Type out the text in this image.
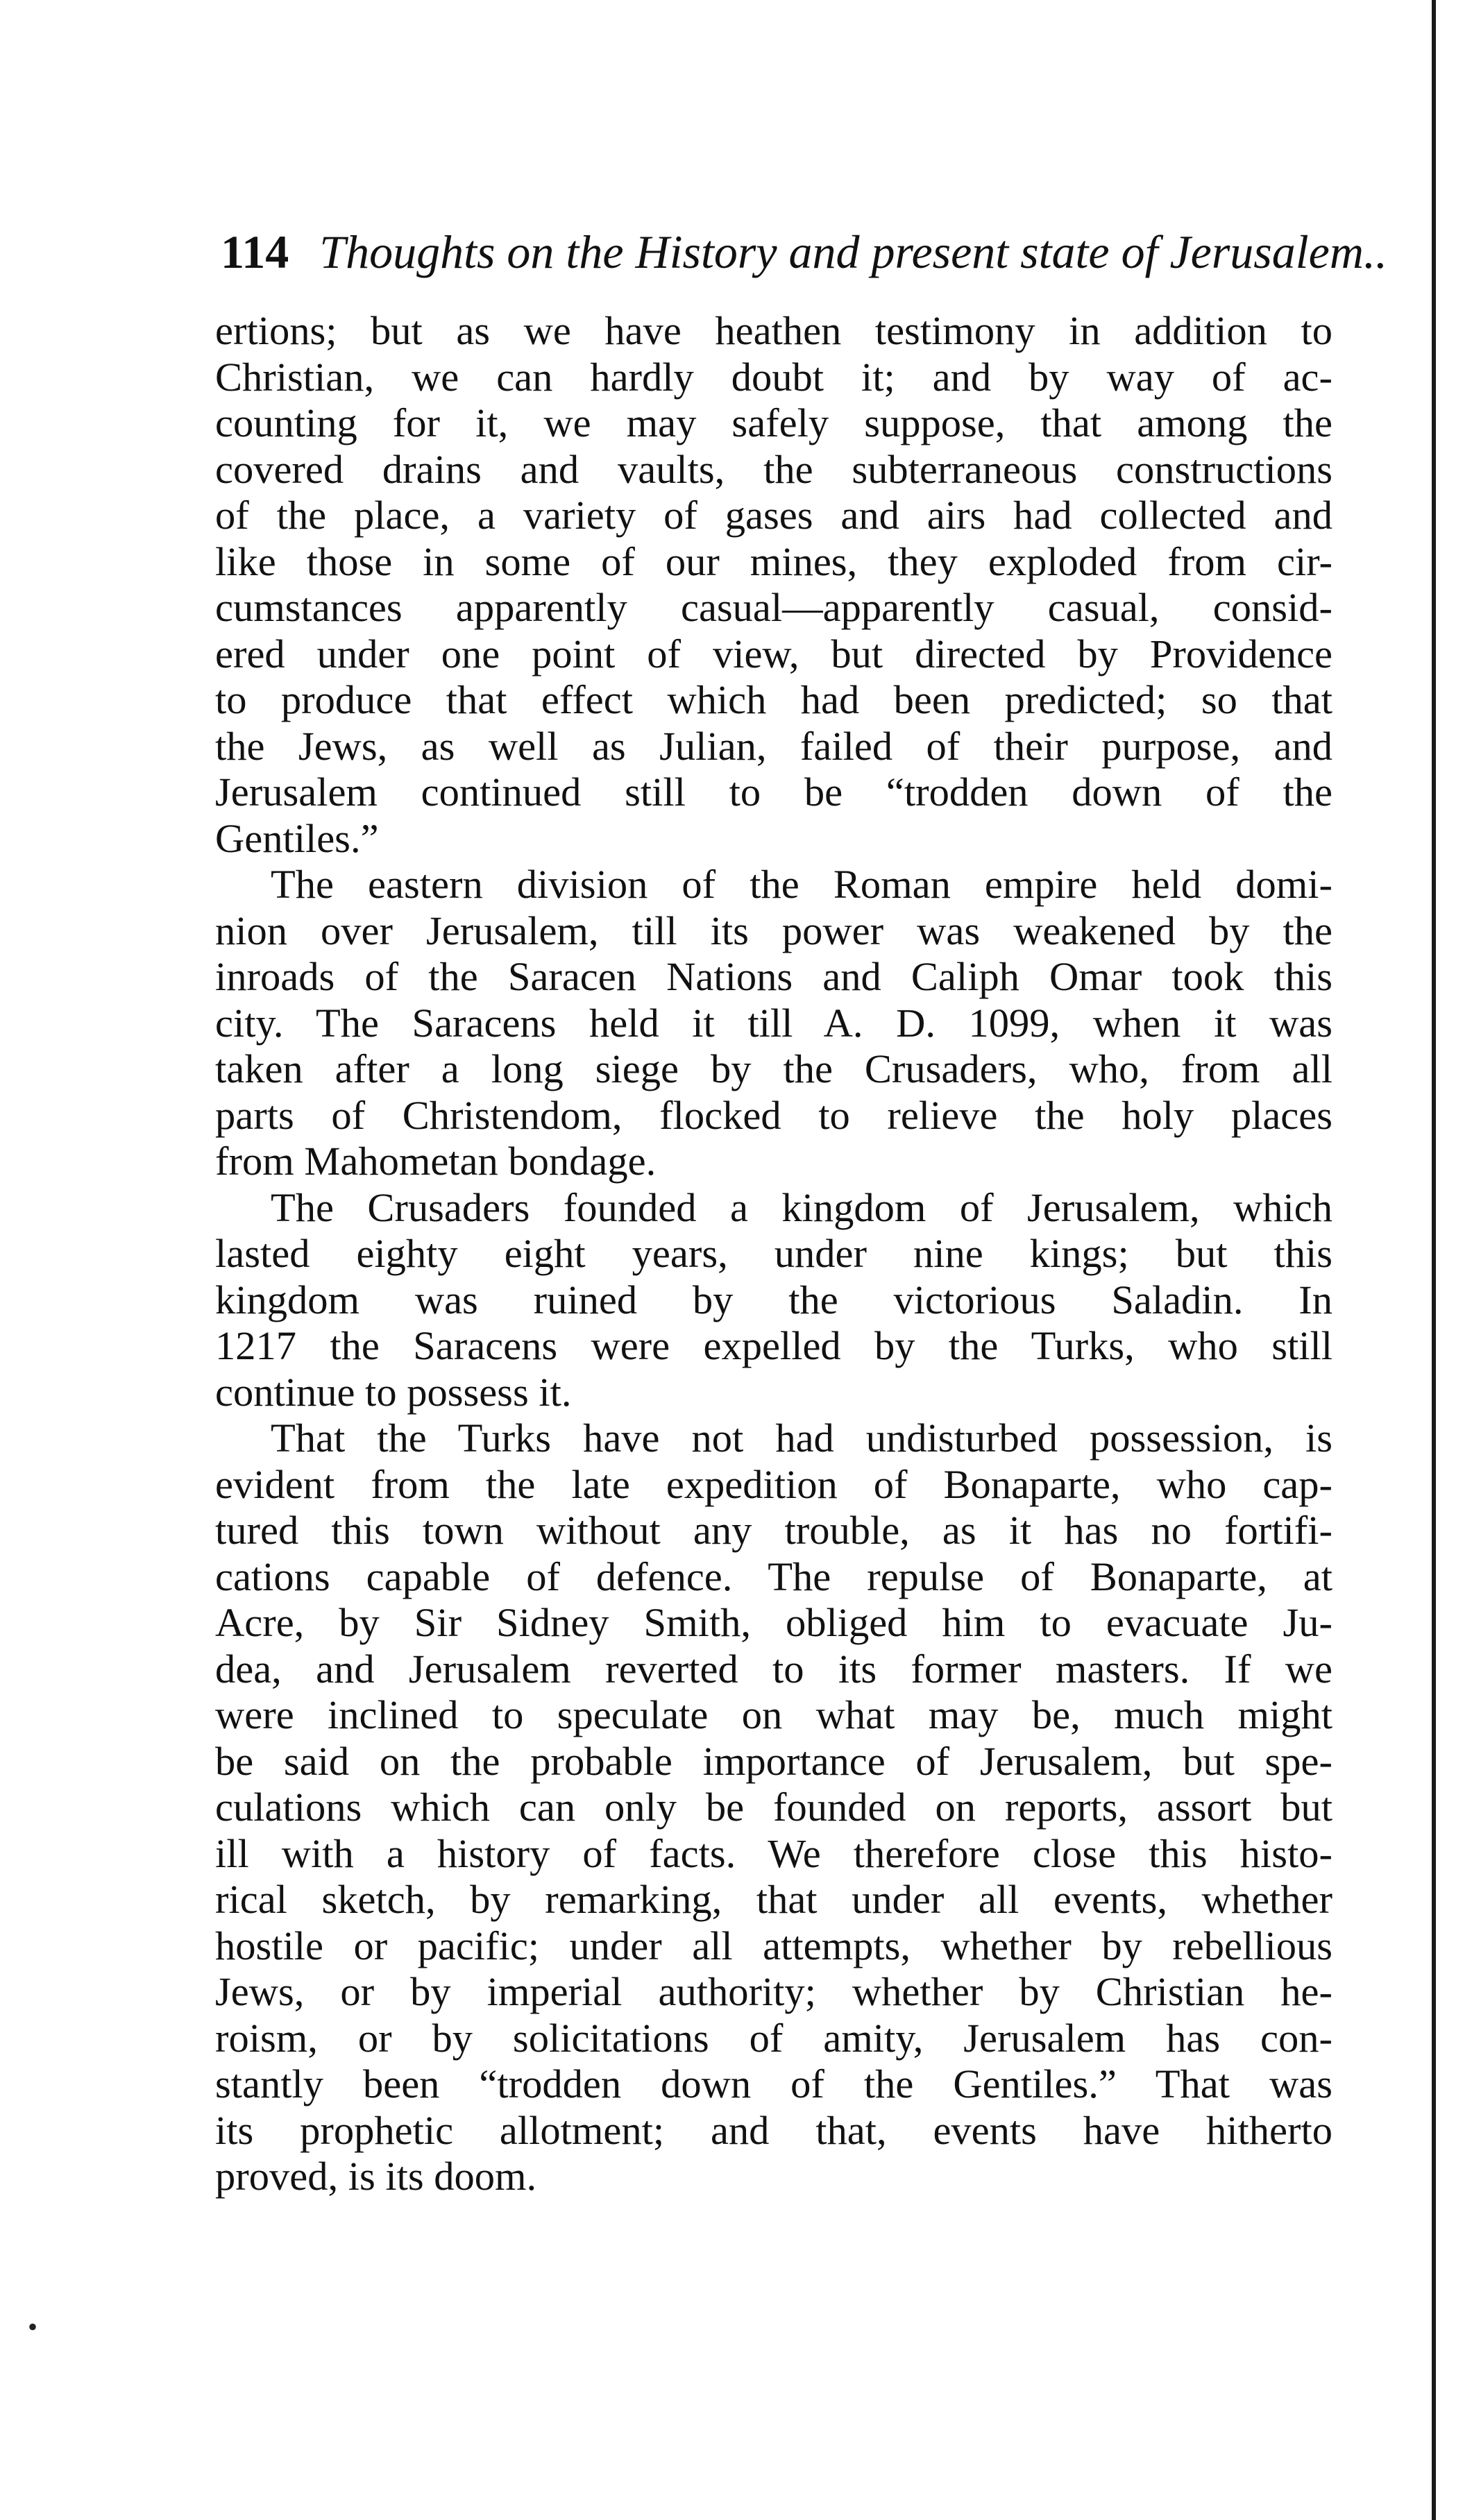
114 Thoughts on the History and present state of Jerusalem..
ertions; but as we have heathen testimony in addition to
Christian, we can hardly doubt it; and by way of ac-
counting for it, we may safely suppose, that among the
covered drains and vaults, the subterraneous constructions
of the place, a variety of gases and airs had collected and
like those in some of our mines, they exploded from cir-
cumstances apparently casual—apparently casual, consid-
ered under one point of view, but directed by Providence
to produce that effect which had been predicted; so that
the Jews, as well as Julian, failed of their purpose, and
Jerusalem continued still to be “trodden down of the
Gentiles.”
The eastern division of the Roman empire held domi-
nion over Jerusalem, till its power was weakened by the
inroads of the Saracen Nations and Caliph Omar took this
city. The Saracens held it till A. D. 1099, when it was
taken after a long siege by the Crusaders, who, from all
parts of Christendom, flocked to relieve the holy places
from Mahometan bondage.
The Crusaders founded a kingdom of Jerusalem, which
lasted eighty eight years, under nine kings; but this
kingdom was ruined by the victorious Saladin. In
1217 the Saracens were expelled by the Turks, who still
continue to possess it.
That the Turks have not had undisturbed possession, is
evident from the late expedition of Bonaparte, who cap-
tured this town without any trouble, as it has no fortifi-
cations capable of defence. The repulse of Bonaparte, at
Acre, by Sir Sidney Smith, obliged him to evacuate Ju-
dea, and Jerusalem reverted to its former masters. If we
were inclined to speculate on what may be, much might
be said on the probable importance of Jerusalem, but spe-
culations which can only be founded on reports, assort but
ill with a history of facts. We therefore close this histo-
rical sketch, by remarking, that under all events, whether
hostile or pacific; under all attempts, whether by rebellious
Jews, or by imperial authority; whether by Christian he-
roism, or by solicitations of amity, Jerusalem has con-
stantly been “trodden down of the Gentiles.” That was
its prophetic allotment; and that, events have hitherto
proved, is its doom.
•
